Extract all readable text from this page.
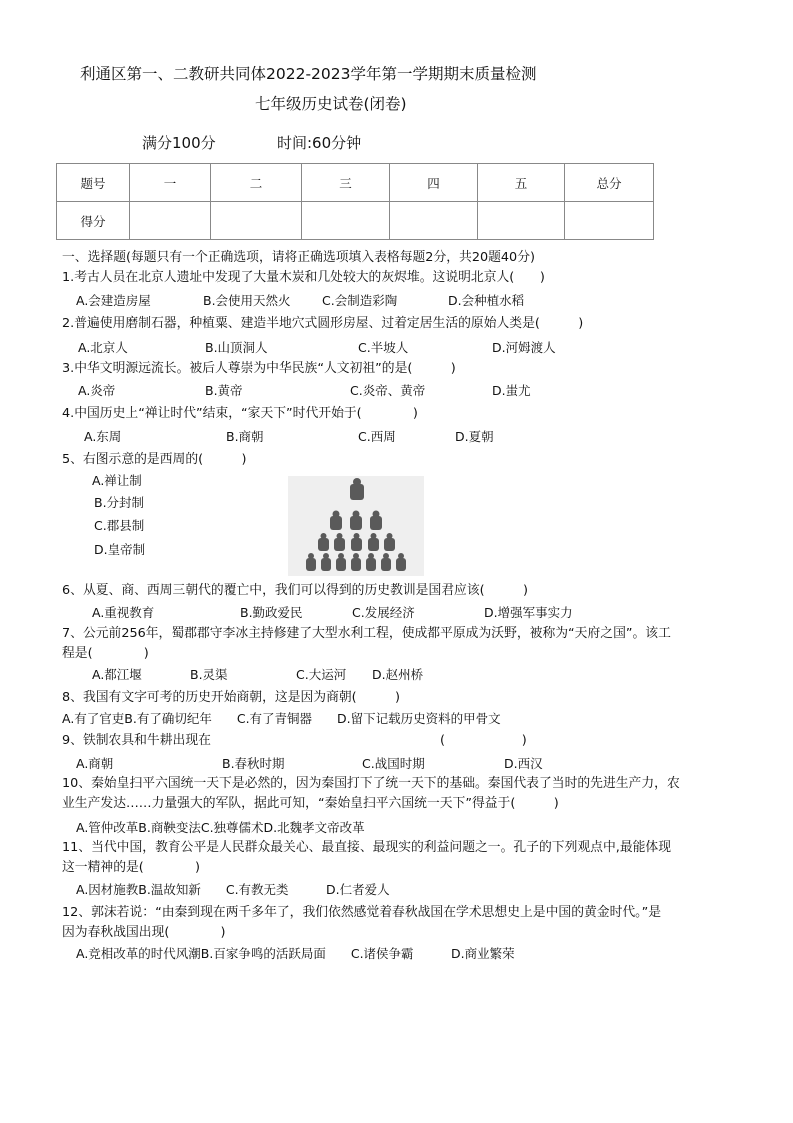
利通区第一、二教研共同体2022-2023学年第一学期期末质量检测
七年级历史试卷(闭卷)
满分100分	时间:60分钟
题号	一	二	三	四	五	总分
得分						
一、选择题(每题只有一个正确选项，请将正确选项填入表格每题2分，共20题40分)
1.考古人员在北京人遗址中发现了大量木炭和几处较大的灰烬堆。这说明北京人(　　)
A.会建造房屋	B.会使用天然火	C.会制造彩陶	D.会种植水稻
2.普遍使用磨制石器，种植粟、建造半地穴式圆形房屋、过着定居生活的原始人类是(　　　)
A.北京人	B.山顶洞人	C.半坡人	D.河姆渡人
3.中华文明源远流长。被后人尊崇为中华民族“人文初祖”的是(　　　)
A.炎帝	B.黄帝	C.炎帝、黄帝	D.蚩尤
4.中国历史上“禅让时代”结束，“家天下”时代开始于(　　　　)
A.东周	B.商朝	C.西周	D.夏朝
5、右图示意的是西周的(　　　)
A.禅让制
B.分封制
C.郡县制
D.皇帝制
6、从夏、商、西周三朝代的覆亡中，我们可以得到的历史教训是国君应该(　　　)
A.重视教育	B.勤政爱民	C.发展经济	D.增强军事实力
7、公元前256年，蜀郡郡守李冰主持修建了大型水利工程，使成都平原成为沃野，被称为“天府之国”。该工
程是(　　　　)
A.都江堰	B.灵渠	C.大运河 D.赵州桥
8、我国有文字可考的历史开始商朝，这是因为商朝(　　　)
A.有了官吏B.有了确切纪年　　C.有了青铜器　　D.留下记载历史资料的甲骨文
9、铁制农具和牛耕出现在	(　　　　　　)
A.商朝	B.春秋时期	C.战国时期	D.西汉
10、秦始皇扫平六国统一天下是必然的，因为秦国打下了统一天下的基础。秦国代表了当时的先进生产力，农
业生产发达……力量强大的军队，据此可知，“秦始皇扫平六国统一天下”得益于(　　　)
A.管仲改革B.商鞅变法C.独尊儒术D.北魏孝文帝改革
11、当代中国，教育公平是人民群众最关心、最直接、最现实的利益问题之一。孔子的下列观点中,最能体现
这一精神的是(　　　　)
A.因材施教B.温故知新　　C.有教无类　　　D.仁者爱人
12、郭沫若说：“由秦到现在两千多年了，我们依然感觉着春秋战国在学术思想史上是中国的黄金时代。”是
因为春秋战国出现(　　　　)
A.竞相改革的时代风潮B.百家争鸣的活跃局面　　C.诸侯争霸　　　D.商业繁荣
